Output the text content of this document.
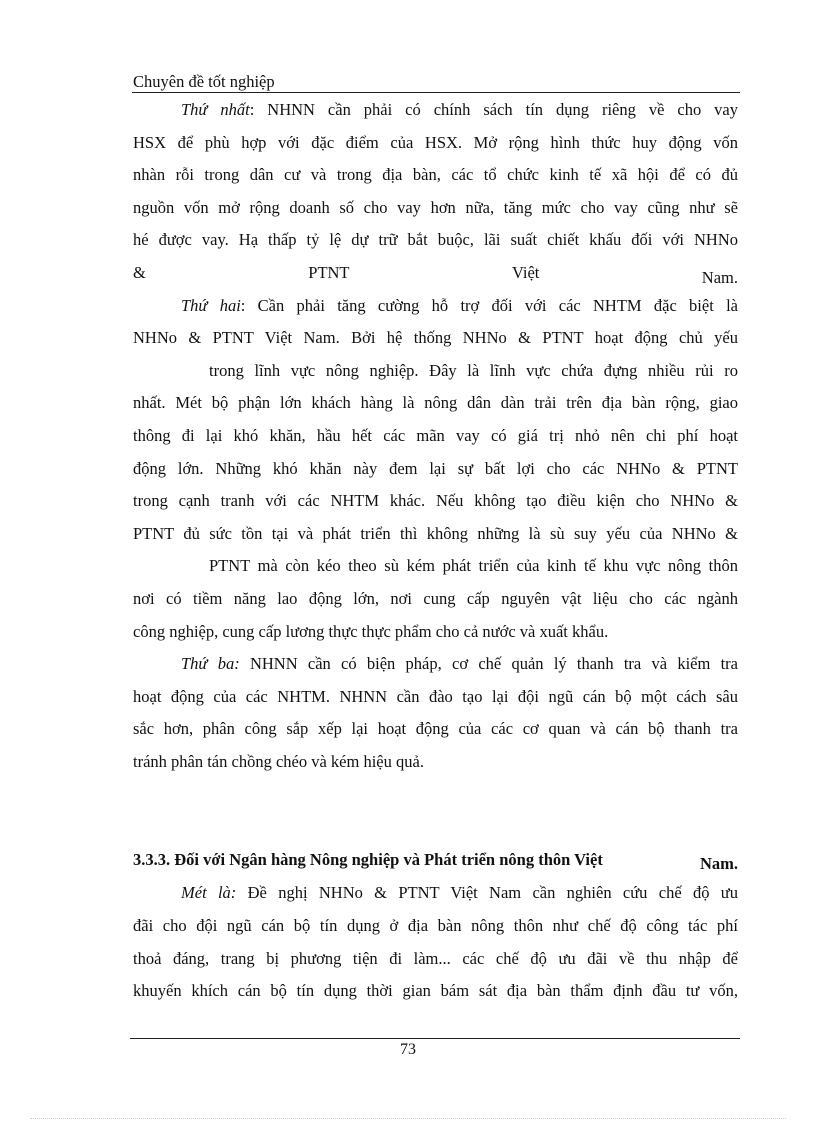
Chuyên đề tốt nghiệp
Thứ nhất: NHNN cần phải có chính sách tín dụng riêng về cho vay
HSX để phù hợp với đặc điểm của HSX. Mở rộng hình thức huy động vốn
nhàn rỗi trong dân cư và trong địa bàn, các tổ chức kinh tế xã hội để có đủ
nguồn vốn mở rộng doanh số cho vay hơn nữa, tăng mức cho vay cũng như sẽ
hé được vay. Hạ thấp tỷ lệ dự trữ bắt buộc, lãi suất chiết khấu đối với NHNo
&	PTNT	Việt	Nam.
Thứ hai: Cần phải tăng cường hỗ trợ đối với các NHTM đặc biệt là
NHNo & PTNT Việt Nam. Bởi hệ thống NHNo & PTNT hoạt động chủ yếu
trong lĩnh vực nông nghiệp. Đây là lĩnh vực chứa đựng nhiều rủi ro
nhất. Mét bộ phận lớn khách hàng là nông dân dàn trải trên địa bàn rộng, giao
thông đi lại khó khăn, hầu hết các mãn vay có giá trị nhỏ nên chi phí hoạt
động lớn. Những khó khăn này đem lại sự bất lợi cho các NHNo & PTNT
trong cạnh tranh với các NHTM khác. Nếu không tạo điều kiện cho NHNo &
PTNT đủ sức tồn tại và phát triển thì không những là sù suy yếu của NHNo &
PTNT mà còn kéo theo sù kém phát triển của kinh tế khu vực nông thôn
nơi có tiềm năng lao động lớn, nơi cung cấp nguyên vật liệu cho các ngành
công nghiệp, cung cấp lương thực thực phẩm cho cả nước và xuất khẩu.
Thứ ba: NHNN cần có biện pháp, cơ chế quản lý thanh tra và kiểm tra
hoạt động của các NHTM. NHNN cần đào tạo lại đội ngũ cán bộ một cách sâu
sắc hơn, phân công sắp xếp lại hoạt động của các cơ quan và cán bộ thanh tra
tránh phân tán chồng chéo và kém hiệu quả.
3.3.3. Đối với Ngân hàng Nông nghiệp và Phát triển nông thôn Việt	Nam.
Mét là: Đề nghị NHNo & PTNT Việt Nam cần nghiên cứu chế độ ưu
đãi cho đội ngũ cán bộ tín dụng ở địa bàn nông thôn như chế độ công tác phí
thoả đáng, trang bị phương tiện đi làm... các chế độ ưu đãi về thu nhập để
khuyến khích cán bộ tín dụng thời gian bám sát địa bàn thẩm định đầu tư vốn,
73
